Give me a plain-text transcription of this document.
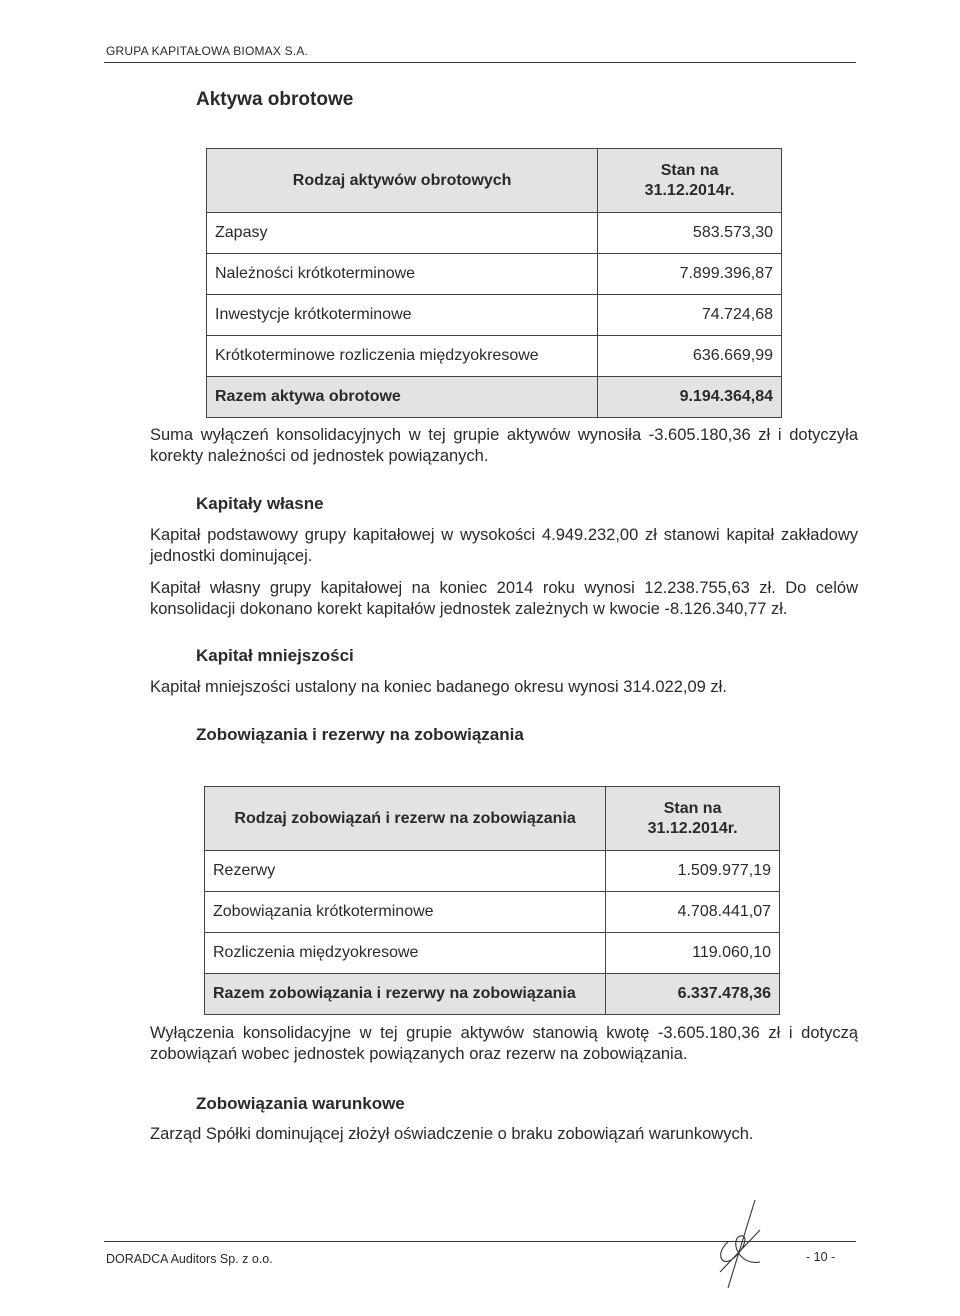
GRUPA KAPITAŁOWA BIOMAX S.A.
Aktywa obrotowe
Rodzaj aktywów obrotowych	Stan na
31.12.2014r.
Zapasy	583.573,30
Należności krótkoterminowe	7.899.396,87
Inwestycje krótkoterminowe	74.724,68
Krótkoterminowe rozliczenia międzyokresowe	636.669,99
Razem aktywa obrotowe	9.194.364,84
Suma wyłączeń konsolidacyjnych w tej grupie aktywów wynosiła -3.605.180,36 zł i dotyczyła korekty należności od jednostek powiązanych.
Kapitały własne
Kapitał podstawowy grupy kapitałowej w wysokości 4.949.232,00 zł stanowi kapitał zakładowy jednostki dominującej.
Kapitał własny grupy kapitałowej na koniec 2014 roku wynosi 12.238.755,63 zł. Do celów konsolidacji dokonano korekt kapitałów jednostek zależnych w kwocie -8.126.340,77 zł.
Kapitał mniejszości
Kapitał mniejszości ustalony na koniec badanego okresu wynosi 314.022,09 zł.
Zobowiązania i rezerwy na zobowiązania
Rodzaj zobowiązań i rezerw na zobowiązania	Stan na
31.12.2014r.
Rezerwy	1.509.977,19
Zobowiązania krótkoterminowe	4.708.441,07
Rozliczenia międzyokresowe	119.060,10
Razem zobowiązania i rezerwy na zobowiązania	6.337.478,36
Wyłączenia konsolidacyjne w tej grupie aktywów stanowią kwotę -3.605.180,36 zł i dotyczą zobowiązań wobec jednostek powiązanych oraz rezerw na zobowiązania.
Zobowiązania warunkowe
Zarząd Spółki dominującej złożył oświadczenie o braku zobowiązań warunkowych.
DORADCA Auditors Sp. z o.o.	- 10 -
